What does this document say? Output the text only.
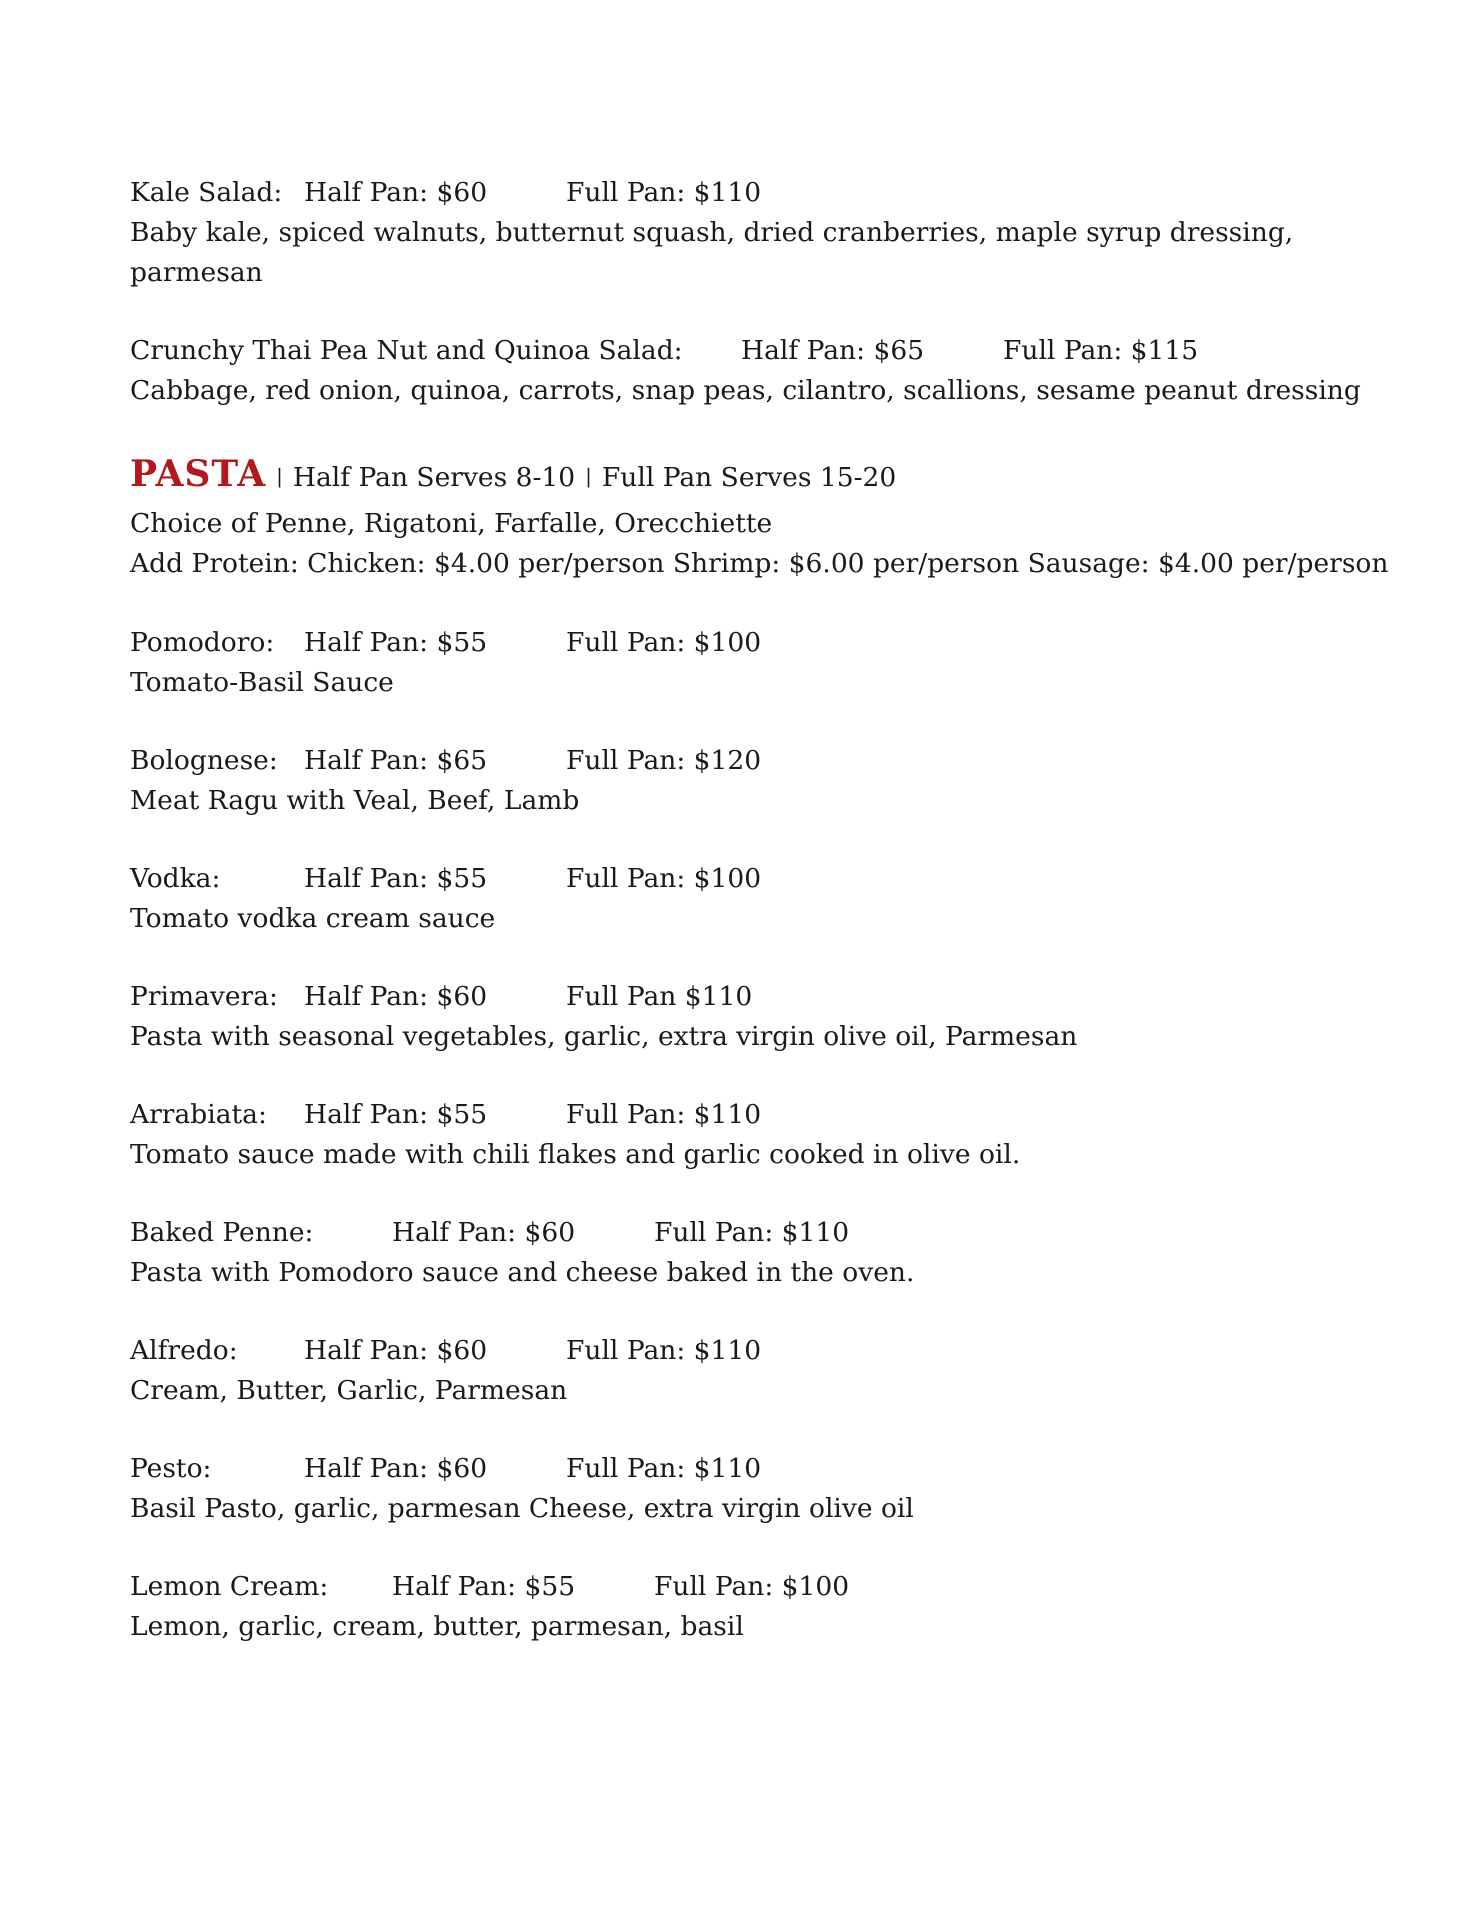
Kale Salad: Half Pan: $60	Full Pan: $110
Baby kale, spiced walnuts, butternut squash, dried cranberries, maple syrup dressing,
parmesan
Crunchy Thai Pea Nut and Quinoa Salad: Half Pan: $65	Full Pan: $115
Cabbage, red onion, quinoa, carrots, snap peas, cilantro, scallions, sesame peanut dressing
PASTA | Half Pan Serves 8-10 | Full Pan Serves 15-20
Choice of Penne, Rigatoni, Farfalle, Orecchiette
Add Protein: Chicken: $4.00 per/person Shrimp: $6.00 per/person Sausage: $4.00 per/person
Pomodoro: Half Pan: $55	Full Pan: $100
Tomato-Basil Sauce
Bolognese: Half Pan: $65	Full Pan: $120
Meat Ragu with Veal, Beef, Lamb
Vodka:	Half Pan: $55	Full Pan: $100
Tomato vodka cream sauce
Primavera: Half Pan: $60	Full Pan $110
Pasta with seasonal vegetables, garlic, extra virgin olive oil, Parmesan
Arrabiata: Half Pan: $55	Full Pan: $110
Tomato sauce made with chili flakes and garlic cooked in olive oil.
Baked Penne:	Half Pan: $60	Full Pan: $110
Pasta with Pomodoro sauce and cheese baked in the oven.
Alfredo:	Half Pan: $60	Full Pan: $110
Cream, Butter, Garlic, Parmesan
Pesto:	Half Pan: $60	Full Pan: $110
Basil Pasto, garlic, parmesan Cheese, extra virgin olive oil
Lemon Cream: Half Pan: $55	Full Pan: $100
Lemon, garlic, cream, butter, parmesan, basil
